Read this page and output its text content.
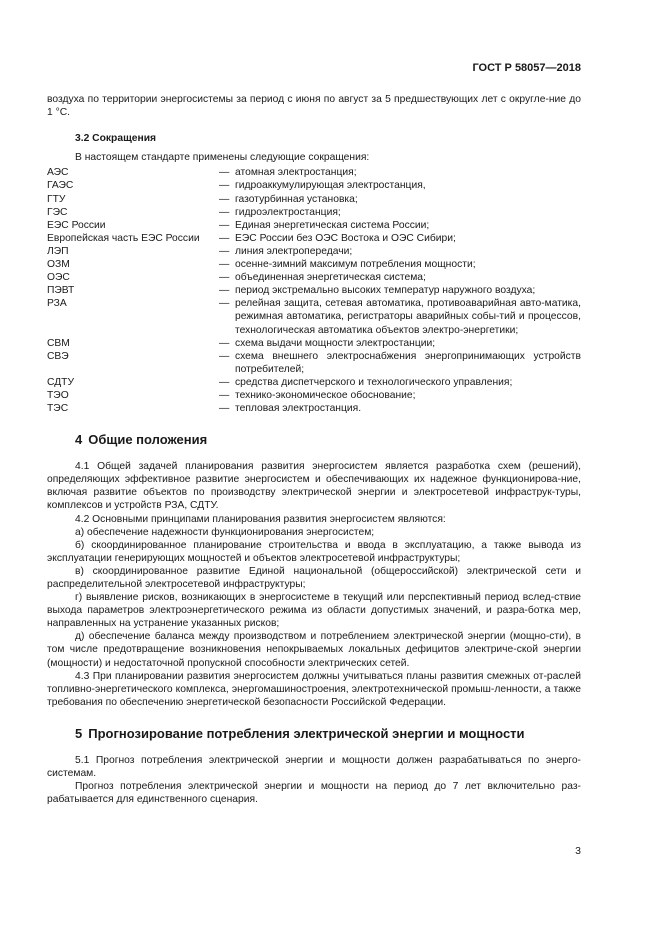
ГОСТ Р 58057—2018

воздуха по территории энергосистемы за период с июня по август за 5 предшествующих лет с округле-ние до 1 °С.

3.2 Сокращения

В настоящем стандарте применены следующие сокращения:

АЭС	— атомная электростанция;
ГАЭС	— гидроаккумулирующая электростанция,
ГТУ	— газотурбинная установка;
ГЭС	— гидроэлектростанция;
ЕЭС России	— Единая энергетическая система России;
Европейская часть ЕЭС России	— ЕЭС России без ОЭС Востока и ОЭС Сибири;
ЛЭП	— линия электропередачи;
ОЗМ	— осенне-зимний максимум потребления мощности;
ОЭС	— объединенная энергетическая система;
ПЭВТ	— период экстремально высоких температур наружного воздуха;
РЗА	— релейная защита, сетевая автоматика, противоаварийная авто-матика, режимная автоматика, регистраторы аварийных собы-тий и процессов, технологическая автоматика объектов электро-энергетики;
СВМ	— схема выдачи мощности электростанции;
СВЭ	— схема внешнего электроснабжения энергопринимающих устройств потребителей;
СДТУ	— средства диспетчерского и технологического управления;
ТЭО	— технико-экономическое обоснование;
ТЭС	— тепловая электростанция.
4 Общие положения

4.1 Общей задачей планирования развития энергосистем является разработка схем (решений), определяющих эффективное развитие энергосистем и обеспечивающих их надежное функционирова-ние, включая развитие объектов по производству электрической энергии и электросетевой инфраструк-туры, комплексов и устройств РЗА, СДТУ.

4.2 Основными принципами планирования развития энергосистем являются:

а) обеспечение надежности функционирования энергосистем;

б) скоординированное планирование строительства и ввода в эксплуатацию, а также вывода из эксплуатации генерирующих мощностей и объектов электросетевой инфраструктуры;

в) скоординированное развитие Единой национальной (общероссийской) электрической сети и распределительной электросетевой инфраструктуры;

г) выявление рисков, возникающих в энергосистеме в текущий или перспективный период вслед-ствие выхода параметров электроэнергетического режима из области допустимых значений, и разра-ботка мер, направленных на устранение указанных рисков;

д) обеспечение баланса между производством и потреблением электрической энергии (мощно-сти), в том числе предотвращение возникновения непокрываемых локальных дефицитов электриче-ской энергии (мощности) и недостаточной пропускной способности электрических сетей.

4.3 При планировании развития энергосистем должны учитываться планы развития смежных от-раслей топливно-энергетического комплекса, энергомашиностроения, электротехнической промыш-ленности, а также требования по обеспечению энергетической безопасности Российской Федерации.

5 Прогнозирование потребления электрической энергии и мощности

5.1 Прогноз потребления электрической энергии и мощности должен разрабатываться по энерго-системам.

Прогноз потребления электрической энергии и мощности на период до 7 лет включительно раз-рабатывается для единственного сценария.

3
